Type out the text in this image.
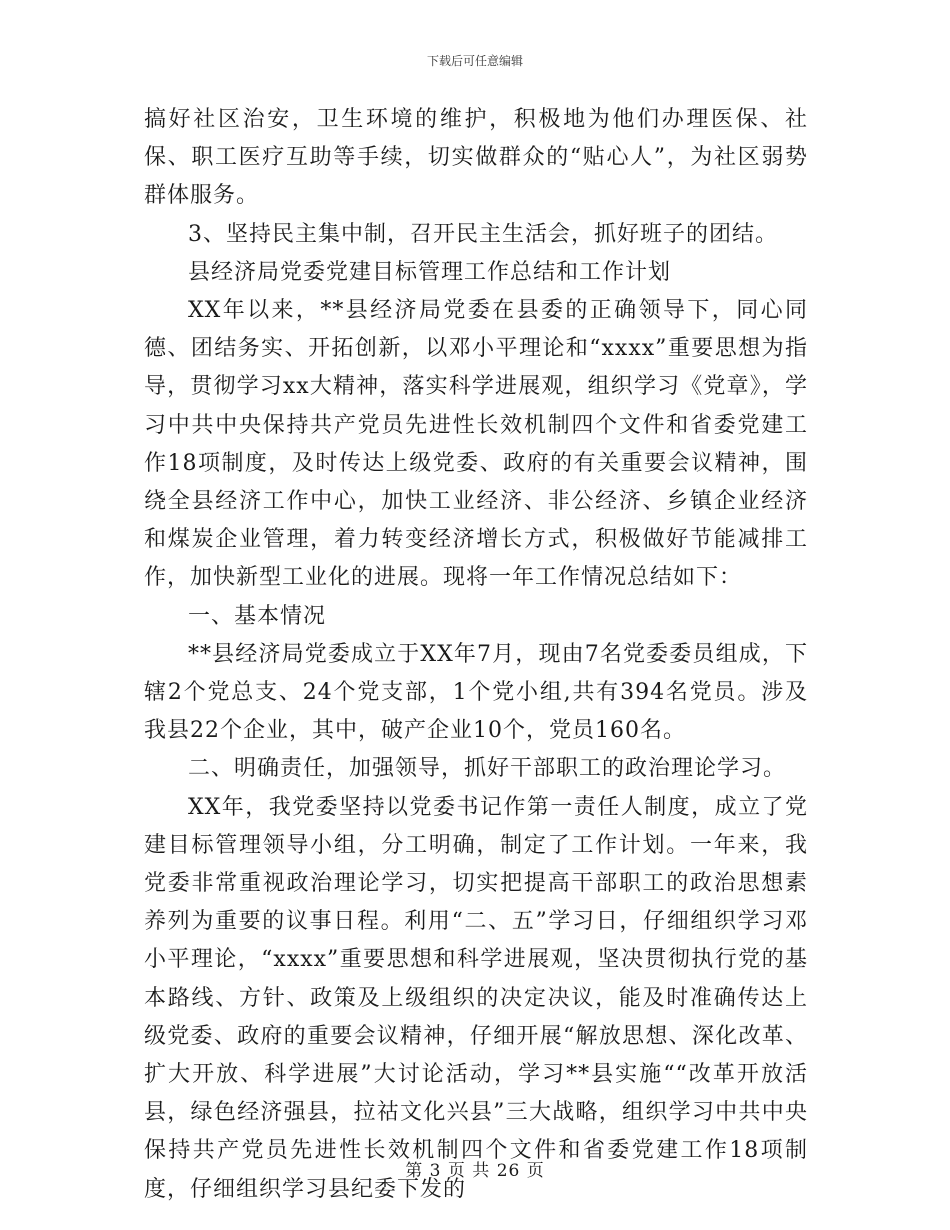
下载后可任意编辑

搞好社区治安，卫生环境的维护，积极地为他们办理医保、社保、职工医疗互助等手续，切实做群众的“贴心人”，为社区弱势群体服务。

3、坚持民主集中制，召开民主生活会，抓好班子的团结。

县经济局党委党建目标管理工作总结和工作计划

XX年以来，**县经济局党委在县委的正确领导下，同心同德、团结务实、开拓创新，以邓小平理论和“xxxx”重要思想为指导，贯彻学习xx大精神，落实科学进展观，组织学习《党章》，学习中共中央保持共产党员先进性长效机制四个文件和省委党建工作18项制度，及时传达上级党委、政府的有关重要会议精神，围绕全县经济工作中心，加快工业经济、非公经济、乡镇企业经济和煤炭企业管理，着力转变经济增长方式，积极做好节能减排工作，加快新型工业化的进展。现将一年工作情况总结如下：

一、基本情况

**县经济局党委成立于XX年7月，现由7名党委委员组成，下辖2个党总支、24个党支部，1个党小组,共有394名党员。涉及我县22个企业，其中，破产企业10个，党员160名。

二、明确责任，加强领导，抓好干部职工的政治理论学习。

XX年，我党委坚持以党委书记作第一责任人制度，成立了党建目标管理领导小组，分工明确，制定了工作计划。一年来，我党委非常重视政治理论学习，切实把提高干部职工的政治思想素养列为重要的议事日程。利用“二、五”学习日，仔细组织学习邓小平理论，“xxxx”重要思想和科学进展观，坚决贯彻执行党的基本路线、方针、政策及上级组织的决定决议，能及时准确传达上级党委、政府的重要会议精神，仔细开展“解放思想、深化改革、扩大开放、科学进展”大讨论活动，学习**县实施““改革开放活县，绿色经济强县，拉祜文化兴县”三大战略，组织学习中共中央保持共产党员先进性长效机制四个文件和省委党建工作18项制度，仔细组织学习县纪委下发的

第 3 页 共 26 页
